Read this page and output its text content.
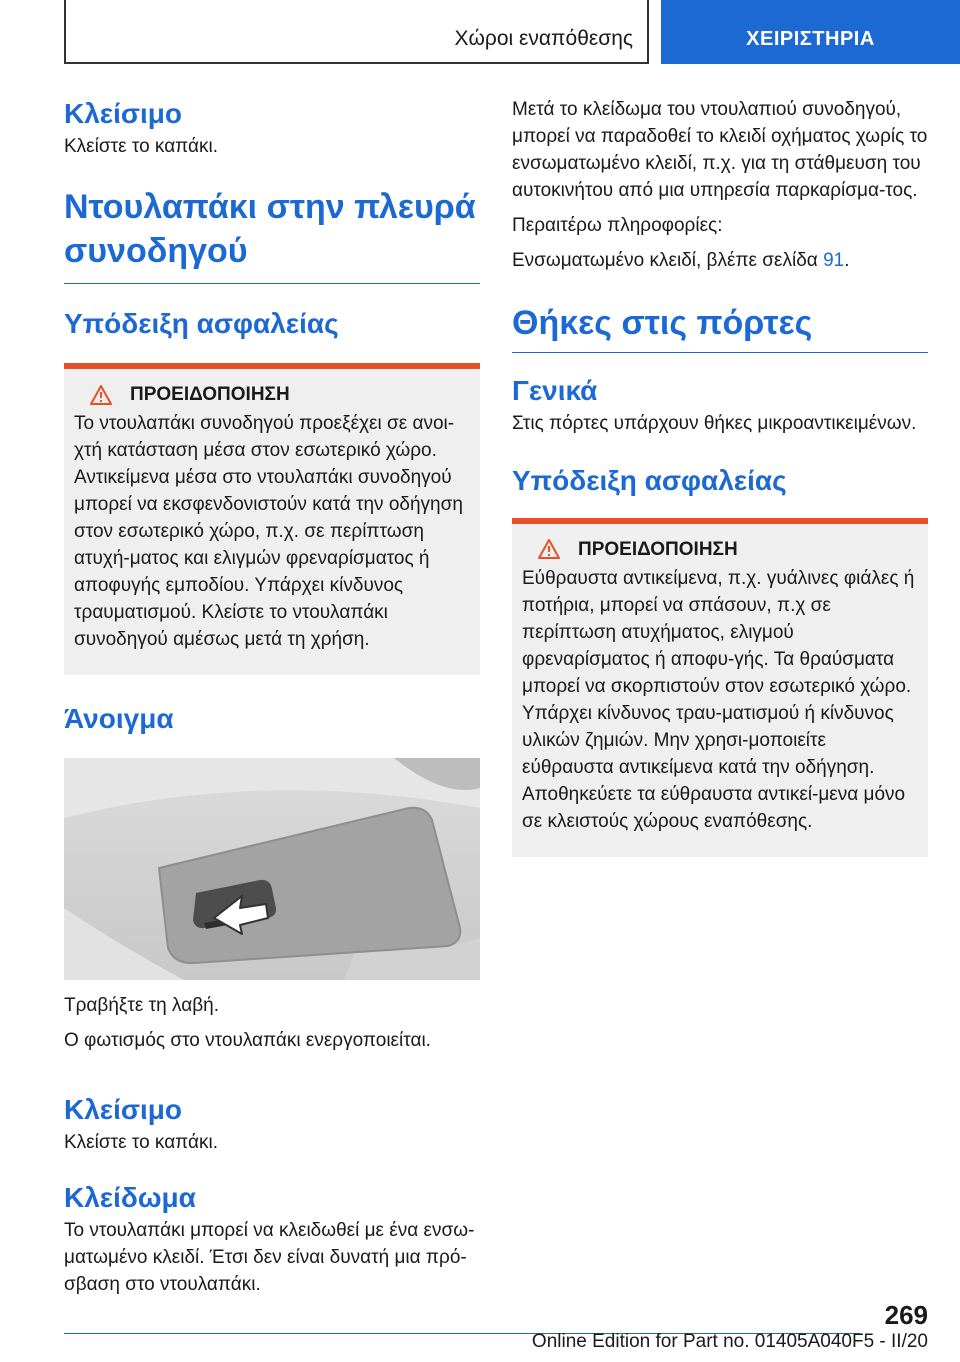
Χώροι εναπόθεσης	ΧΕΙΡΙΣΤΗΡΙΑ
Κλείσιμο

Κλείστε το καπάκι.

Ντουλαπάκι στην πλευρά συνοδηγού
Υπόδειξη ασφαλείας
ΠΡΟΕΙΔΟΠΟΙΗΣΗ

Το ντουλαπάκι συνοδηγού προεξέχει σε ανοι-χτή κατάσταση μέσα στον εσωτερικό χώρο. Αντικείμενα μέσα στο ντουλαπάκι συνοδηγού μπορεί να εκσφενδονιστούν κατά την οδήγηση στον εσωτερικό χώρο, π.χ. σε περίπτωση ατυχή-ματος και ελιγμών φρεναρίσματος ή αποφυγής εμποδίου. Υπάρχει κίνδυνος τραυματισμού. Κλείστε το ντουλαπάκι συνοδηγού αμέσως μετά τη χρήση.

Άνοιγμα

Τραβήξτε τη λαβή.

Ο φωτισμός στο ντουλαπάκι ενεργοποιείται.

Κλείσιμο

Κλείστε το καπάκι.

Κλείδωμα

Το ντουλαπάκι μπορεί να κλειδωθεί με ένα ενσω-ματωμένο κλειδί. Έτσι δεν είναι δυνατή μια πρό-σβαση στο ντουλαπάκι.

Μετά το κλείδωμα του ντουλαπιού συνοδηγού, μπορεί να παραδοθεί το κλειδί οχήματος χωρίς το ενσωματωμένο κλειδί, π.χ. για τη στάθμευση του αυτοκινήτου από μια υπηρεσία παρκαρίσμα-τος.

Περαιτέρω πληροφορίες:

Ενσωματωμένο κλειδί, βλέπε σελίδα 91.

Θήκες στις πόρτες
Γενικά

Στις πόρτες υπάρχουν θήκες μικροαντικειμένων.

Υπόδειξη ασφαλείας
ΠΡΟΕΙΔΟΠΟΙΗΣΗ

Εύθραυστα αντικείμενα, π.χ. γυάλινες φιάλες ή ποτήρια, μπορεί να σπάσουν, π.χ σε περίπτωση ατυχήματος, ελιγμού φρεναρίσματος ή αποφυ-γής. Τα θραύσματα μπορεί να σκορπιστούν στον εσωτερικό χώρο. Υπάρχει κίνδυνος τραυ-ματισμού ή κίνδυνος υλικών ζημιών. Μην χρησι-μοποιείτε εύθραυστα αντικείμενα κατά την οδήγηση. Αποθηκεύετε τα εύθραυστα αντικεί-μενα μόνο σε κλειστούς χώρους εναπόθεσης.

269
Online Edition for Part no. 01405A040F5 - II/20
